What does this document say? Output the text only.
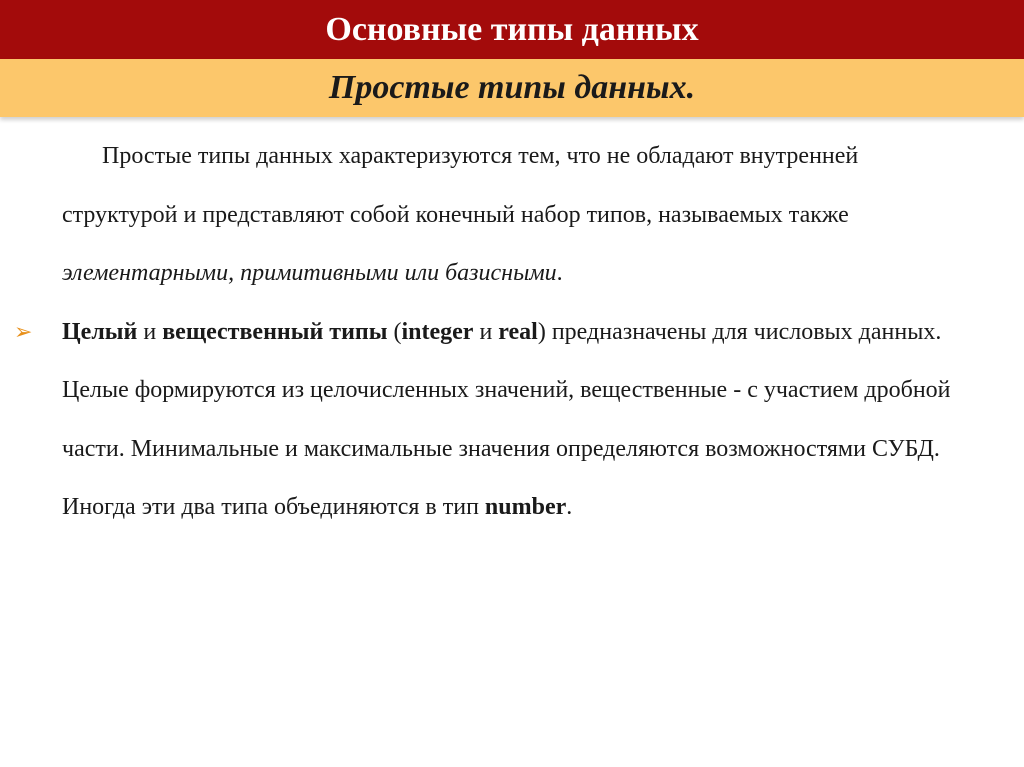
Основные типы данных
Простые типы данных.

Простые типы данных характеризуются тем, что не обладают внутренней структурой и представляют собой конечный набор типов, называемых также элементарными, примитивными или базисными.

➢ Целый и вещественный типы (integer и real) предназначены для числовых данных. Целые формируются из целочисленных значений, вещественные - с участием дробной части. Минимальные и максимальные значения определяются возможностями СУБД. Иногда эти два типа объединяются в тип number.
